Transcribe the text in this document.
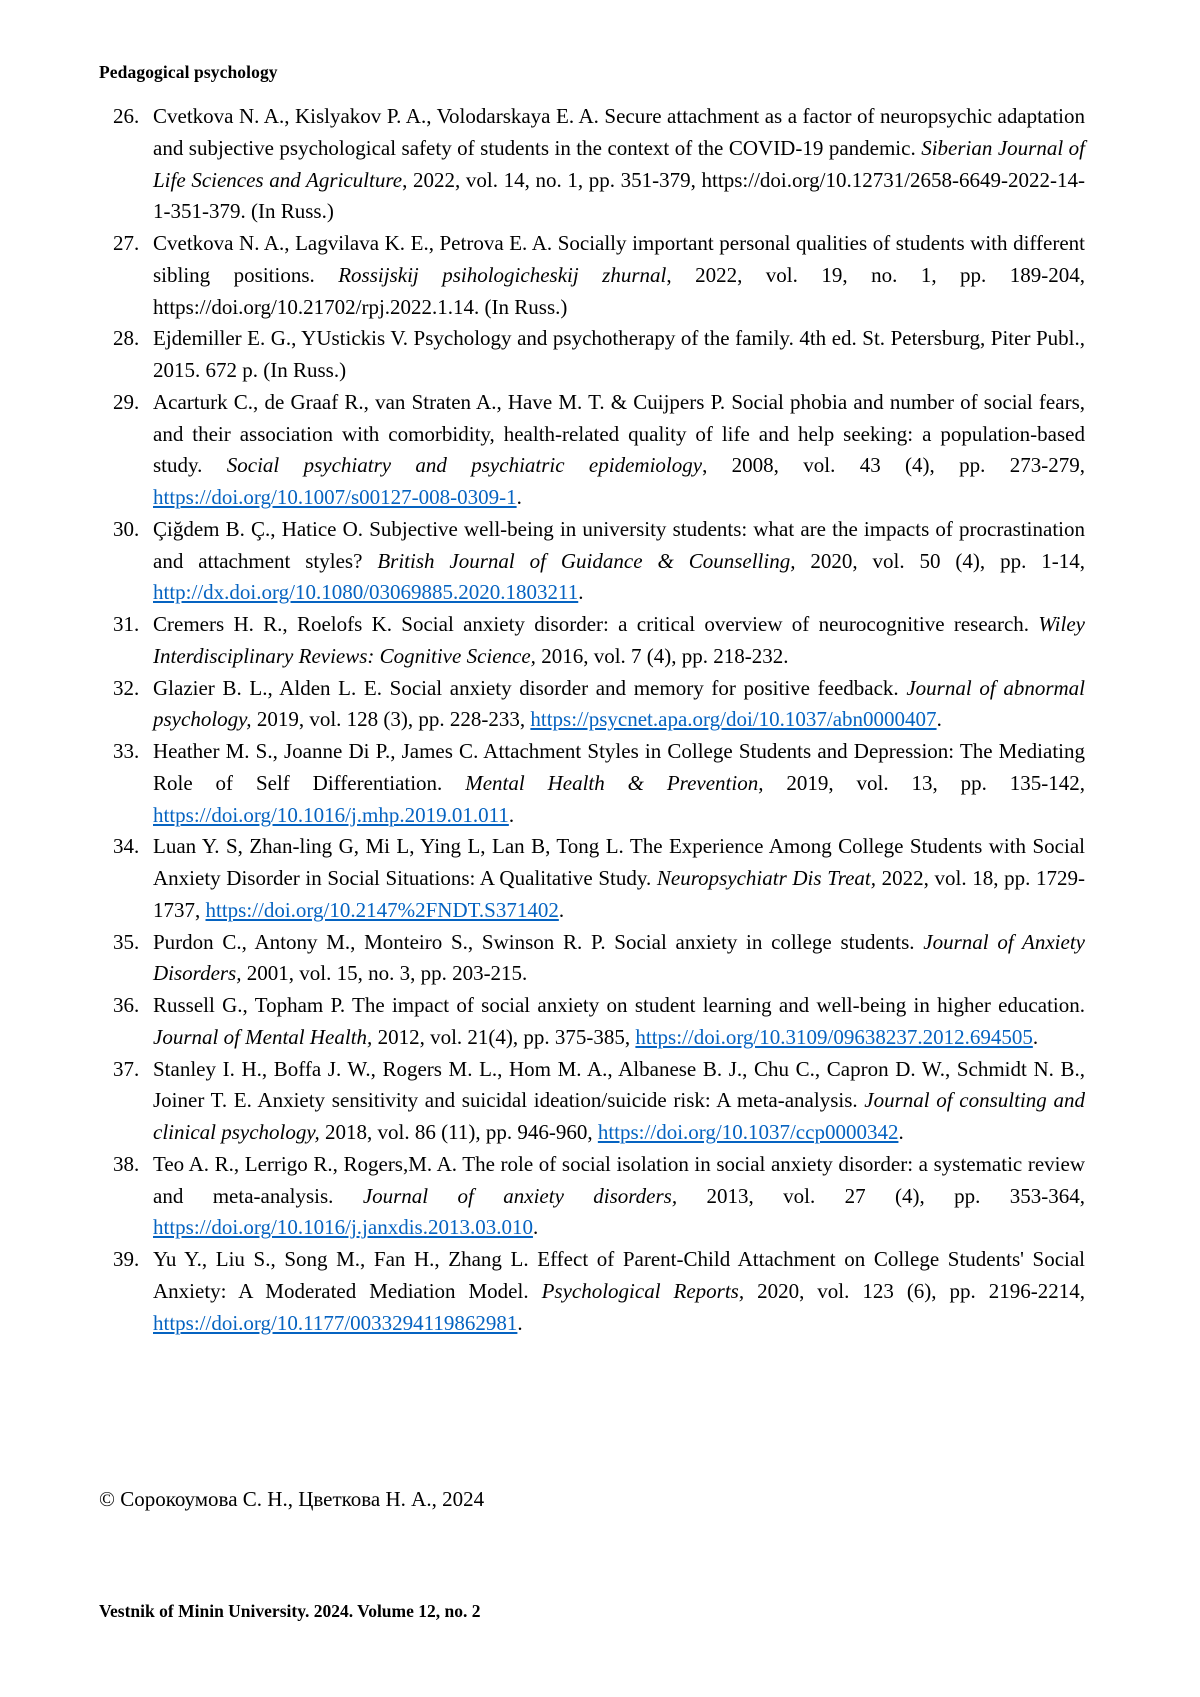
Pedagogical psychology

26. Cvetkova N. A., Kislyakov P. A., Volodarskaya E. A. Secure attachment as a factor of neuropsychic adaptation and subjective psychological safety of students in the context of the COVID-19 pandemic. Siberian Journal of Life Sciences and Agriculture, 2022, vol. 14, no. 1, pp. 351-379, https://doi.org/10.12731/2658-6649-2022-14-1-351-379. (In Russ.)

27. Cvetkova N. A., Lagvilava K. E., Petrova E. A. Socially important personal qualities of students with different sibling positions. Rossijskij psihologicheskij zhurnal, 2022, vol. 19, no. 1, pp. 189-204, https://doi.org/10.21702/rpj.2022.1.14. (In Russ.)

28. Ejdemiller E. G., YUstickis V. Psychology and psychotherapy of the family. 4th ed. St. Petersburg, Piter Publ., 2015. 672 p. (In Russ.)

29. Acarturk C., de Graaf R., van Straten A., Have M. T. & Cuijpers P. Social phobia and number of social fears, and their association with comorbidity, health-related quality of life and help seeking: a population-based study. Social psychiatry and psychiatric epidemiology, 2008, vol. 43 (4), pp. 273-279, https://doi.org/10.1007/s00127-008-0309-1.

30. Çiğdem B. Ç., Hatice O. Subjective well-being in university students: what are the impacts of procrastination and attachment styles? British Journal of Guidance & Counselling, 2020, vol. 50 (4), pp. 1-14, http://dx.doi.org/10.1080/03069885.2020.1803211.

31. Cremers H. R., Roelofs K. Social anxiety disorder: a critical overview of neurocognitive research. Wiley Interdisciplinary Reviews: Cognitive Science, 2016, vol. 7 (4), pp. 218-232.

32. Glazier B. L., Alden L. E. Social anxiety disorder and memory for positive feedback. Journal of abnormal psychology, 2019, vol. 128 (3), pp. 228-233, https://psycnet.apa.org/doi/10.1037/abn0000407.

33. Heather M. S., Joanne Di P., James C. Attachment Styles in College Students and Depression: The Mediating Role of Self Differentiation. Mental Health & Prevention, 2019, vol. 13, pp. 135-142, https://doi.org/10.1016/j.mhp.2019.01.011.

34. Luan Y. S, Zhan-ling G, Mi L, Ying L, Lan B, Tong L. The Experience Among College Students with Social Anxiety Disorder in Social Situations: A Qualitative Study. Neuropsychiatr Dis Treat, 2022, vol. 18, pp. 1729-1737, https://doi.org/10.2147%2FNDT.S371402.

35. Purdon C., Antony M., Monteiro S., Swinson R. P. Social anxiety in college students. Journal of Anxiety Disorders, 2001, vol. 15, no. 3, pp. 203-215.

36. Russell G., Topham P. The impact of social anxiety on student learning and well-being in higher education. Journal of Mental Health, 2012, vol. 21(4), pp. 375-385, https://doi.org/10.3109/09638237.2012.694505.

37. Stanley I. H., Boffa J. W., Rogers M. L., Hom M. A., Albanese B. J., Chu C., Capron D. W., Schmidt N. B., Joiner T. E. Anxiety sensitivity and suicidal ideation/suicide risk: A meta-analysis. Journal of consulting and clinical psychology, 2018, vol. 86 (11), pp. 946-960, https://doi.org/10.1037/ccp0000342.

38. Teo A. R., Lerrigo R., Rogers,M. A. The role of social isolation in social anxiety disorder: a systematic review and meta-analysis. Journal of anxiety disorders, 2013, vol. 27 (4), pp. 353-364, https://doi.org/10.1016/j.janxdis.2013.03.010.

39. Yu Y., Liu S., Song M., Fan H., Zhang L. Effect of Parent-Child Attachment on College Students' Social Anxiety: A Moderated Mediation Model. Psychological Reports, 2020, vol. 123 (6), pp. 2196-2214, https://doi.org/10.1177/0033294119862981.

© Сорокоумова С. Н., Цветкова Н. А., 2024
Vestnik of Minin University. 2024. Volume 12, no. 2
